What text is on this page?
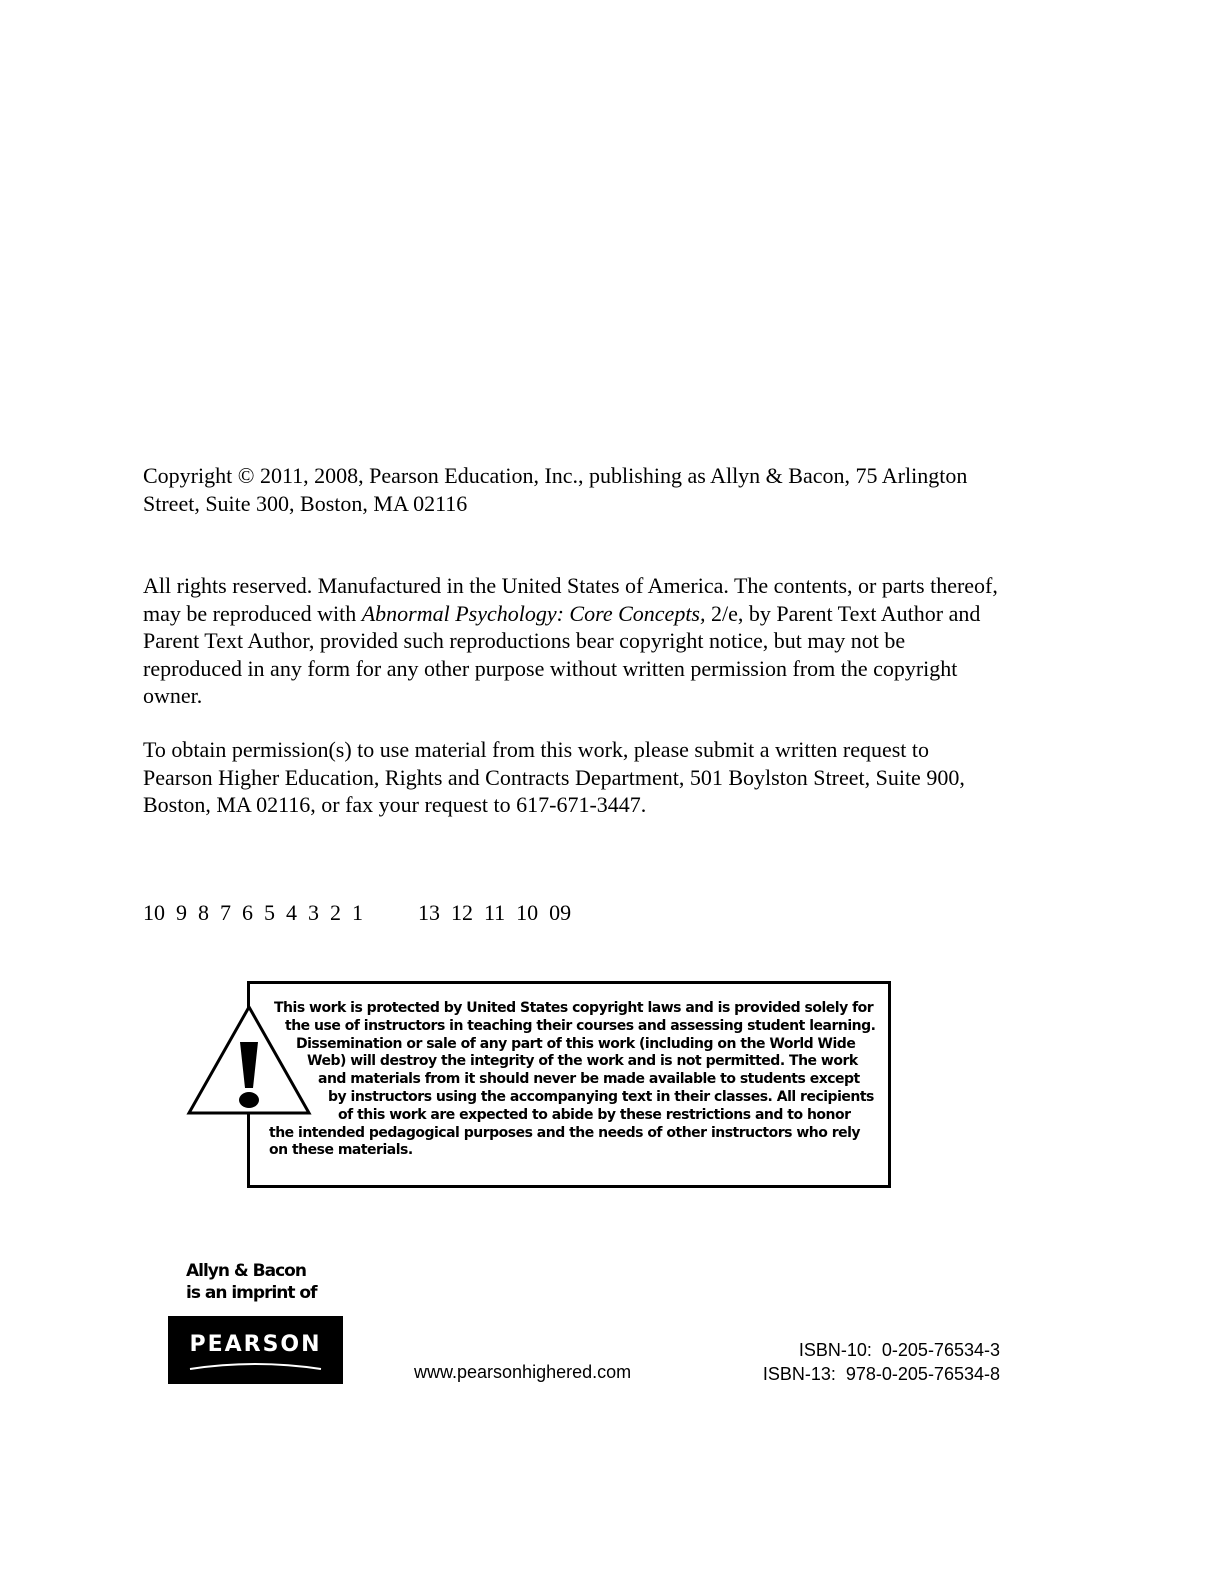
Copyright © 2011, 2008, Pearson Education, Inc., publishing as Allyn & Bacon, 75 Arlington
Street, Suite 300, Boston, MA 02116
All rights reserved. Manufactured in the United States of America. The contents, or parts thereof,
may be reproduced with Abnormal Psychology: Core Concepts, 2/e, by Parent Text Author and
Parent Text Author, provided such reproductions bear copyright notice, but may not be
reproduced in any form for any other purpose without written permission from the copyright
owner.
To obtain permission(s) to use material from this work, please submit a written request to
Pearson Higher Education, Rights and Contracts Department, 501 Boylston Street, Suite 900,
Boston, MA 02116, or fax your request to 617-671-3447.
10  9  8  7  6  5  4  3  2  1          13  12  11  10  09
This work is protected by United States copyright laws and is provided solely for
the use of instructors in teaching their courses and assessing student learning.
Dissemination or sale of any part of this work (including on the World Wide
Web) will destroy the integrity of the work and is not permitted. The work
and materials from it should never be made available to students except
by instructors using the accompanying text in their classes. All recipients
of this work are expected to abide by these restrictions and to honor
the intended pedagogical purposes and the needs of other instructors who rely
on these materials.
Allyn & Bacon
is an imprint of
PEARSON
www.pearsonhighered.com
ISBN-10:  0-205-76534-3
ISBN-13:  978-0-205-76534-8
